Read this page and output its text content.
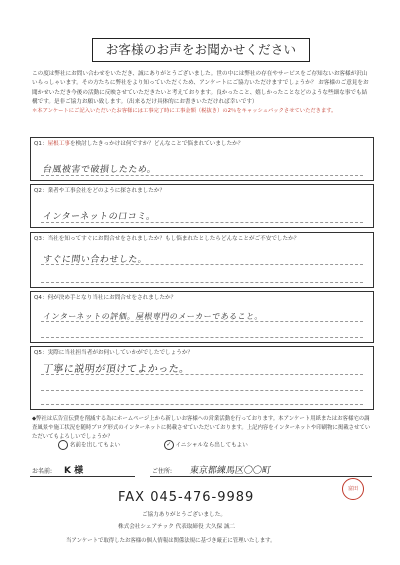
お客様のお声をお聞かせください
この度は弊社にお問い合わせをいただき、誠にありがとうございました。世の中には弊社の存在やサービスをご存知ないお客様が沢山いらっしゃいます。その方たちに弊社をより知っていただくため、アンケートにご協力いただけますでしょうか？ お客様のご意見をお聞かせいただき今後の活動に反映させていただきたいと考えております。良かったこと、嬉しかったことなどのような些細な事でも結構です。是非ご協力お願い致します。（出来るだけ具体的にお書きいただければ幸いです）
＊本アンケートにご記入いただいたお客様には工事完了時に工事金額（税抜き）の2％をキャッシュバックさせていただきます。
Q1：屋根工事を検討したきっかけは何ですか？どんなことで悩まれていましたか？
台風被害で破損したため。
Q2：業者や工事会社をどのように探されましたか？
インターネットの口コミ。
Q3：当社を知ってすぐにお問合せをされましたか？もし悩まれたとしたらどんなことがご不安でしたか？
すぐに問い合わせした。
Q4：何が決め手となり当社にお問合せをされましたか？
インターネットの評価。屋根専門のメーカーであること。
Q5：実際に当社担当者がお伺いしていかがでしたでしょうか？
丁寧に説明が頂けてよかった。
◆弊社は広告宣伝費を削減する為にホームページ上から新しいお客様への営業活動を行っております。本アンケート用紙またはお客様宅の調査風景や施工状況を随時ブログ形式のインターネットに掲載させていただいております。上記内容をインターネットや印刷物に掲載させていただいてもよろしいでしょうか？
名前を出してもよい	✓ イニシャルなら出してもよい
お名前: K 様	ご住所: 東京都練馬区〇〇町
FAX 045-476-9989
富田
ご協力ありがとうございました。
株式会社シェアテック 代表取締役 大久保 誠二
当アンケートで取得したお客様の個人情報は関係法規に基づき厳正に管理いたします。
